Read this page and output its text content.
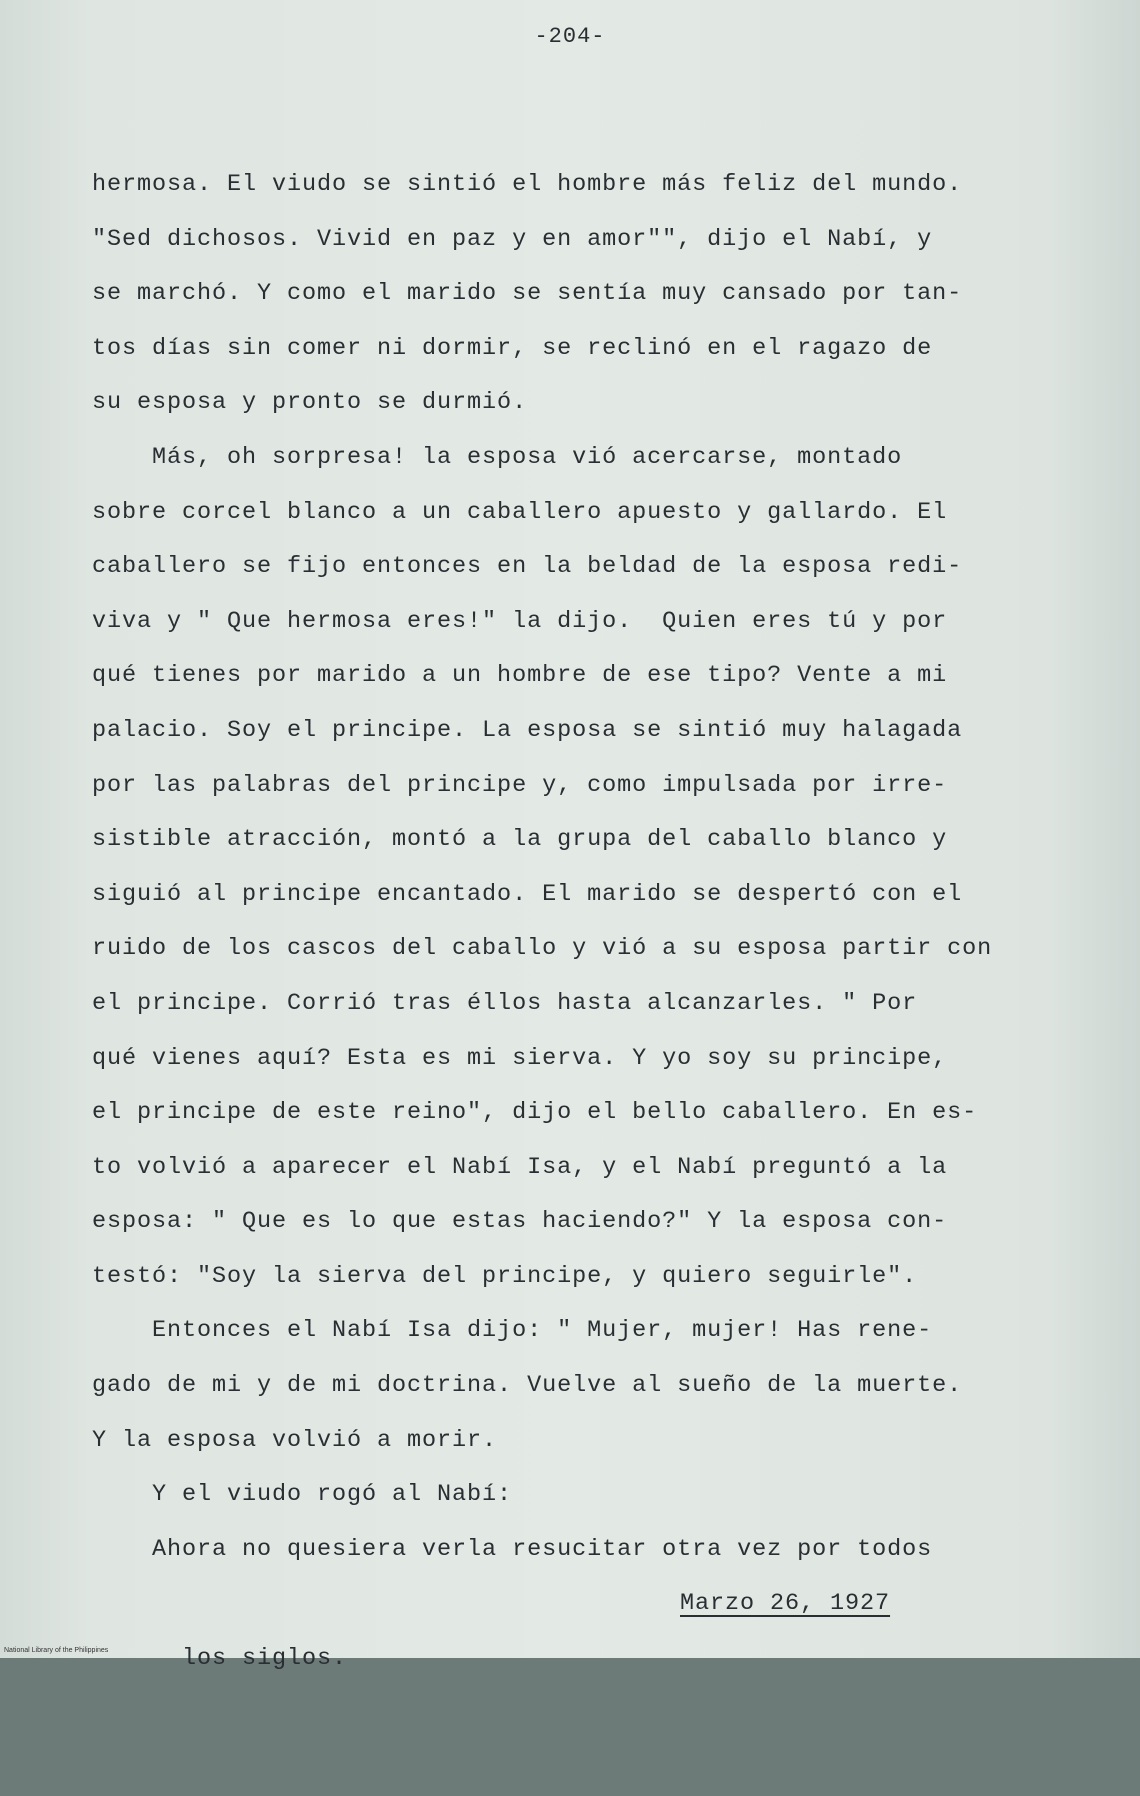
-204-
hermosa. El viudo se sintió el hombre más feliz del mundo.
"Sed dichosos. Vivid en paz y en amor"", dijo el Nabí, y
se marchó. Y como el marido se sentía muy cansado por tan-
tos días sin comer ni dormir, se reclinó en el ragazo de
su esposa y pronto se durmió.
Más, oh sorpresa! la esposa vió acercarse, montado
sobre corcel blanco a un caballero apuesto y gallardo. El
caballero se fijo entonces en la beldad de la esposa redi-
viva y " Que hermosa eres!" la dijo.  Quien eres tú y por
qué tienes por marido a un hombre de ese tipo? Vente a mi
palacio. Soy el principe. La esposa se sintió muy halagada
por las palabras del principe y, como impulsada por irre-
sistible atracción, montó a la grupa del caballo blanco y
siguió al principe encantado. El marido se despertó con el
ruido de los cascos del caballo y vió a su esposa partir con
el principe. Corrió tras éllos hasta alcanzarles. " Por
qué vienes aquí? Esta es mi sierva. Y yo soy su principe,
el principe de este reino", dijo el bello caballero. En es-
to volvió a aparecer el Nabí Isa, y el Nabí preguntó a la
esposa: " Que es lo que estas haciendo?" Y la esposa con-
testó: "Soy la sierva del principe, y quiero seguirle".
Entonces el Nabí Isa dijo: " Mujer, mujer! Has rene-
gado de mi y de mi doctrina. Vuelve al sueño de la muerte.
Y la esposa volvió a morir.
Y el viudo rogó al Nabí:
Ahora no quesiera verla resucitar otra vez por todos

los siglos.

Marzo 26, 1927

National Library of the Philippines
